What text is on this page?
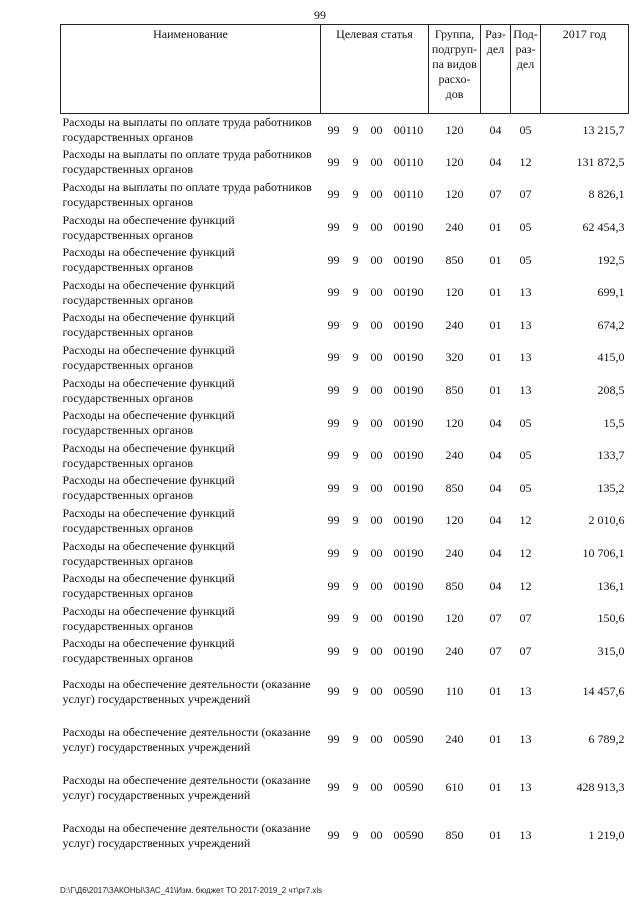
99
Наименование	Целевая статья	Группа, подгруп-па видов расхо-дов	Раз-дел	Под-раз-дел	2017 год
Расходы на выплаты по оплате труда работников государственных органов	99 9 00 00110	120	04	05	13 215,7
Расходы на выплаты по оплате труда работников государственных органов	99 9 00 00110	120	04	12	131 872,5
Расходы на выплаты по оплате труда работников государственных органов	99 9 00 00110	120	07	07	8 826,1
Расходы на обеспечение функций государственных органов	99 9 00 00190	240	01	05	62 454,3
Расходы на обеспечение функций государственных органов	99 9 00 00190	850	01	05	192,5
Расходы на обеспечение функций государственных органов	99 9 00 00190	120	01	13	699,1
Расходы на обеспечение функций государственных органов	99 9 00 00190	240	01	13	674,2
Расходы на обеспечение функций государственных органов	99 9 00 00190	320	01	13	415,0
Расходы на обеспечение функций государственных органов	99 9 00 00190	850	01	13	208,5
Расходы на обеспечение функций государственных органов	99 9 00 00190	120	04	05	15,5
Расходы на обеспечение функций государственных органов	99 9 00 00190	240	04	05	133,7
Расходы на обеспечение функций государственных органов	99 9 00 00190	850	04	05	135,2
Расходы на обеспечение функций государственных органов	99 9 00 00190	120	04	12	2 010,6
Расходы на обеспечение функций государственных органов	99 9 00 00190	240	04	12	10 706,1
Расходы на обеспечение функций государственных органов	99 9 00 00190	850	04	12	136,1
Расходы на обеспечение функций государственных органов	99 9 00 00190	120	07	07	150,6
Расходы на обеспечение функций государственных органов	99 9 00 00190	240	07	07	315,0
Расходы на обеспечение деятельности (оказание услуг) государственных учреждений	99 9 00 00590	110	01	13	14 457,6
Расходы на обеспечение деятельности (оказание услуг) государственных учреждений	99 9 00 00590	240	01	13	6 789,2
Расходы на обеспечение деятельности (оказание услуг) государственных учреждений	99 9 00 00590	610	01	13	428 913,3
Расходы на обеспечение деятельности (оказание услуг) государственных учреждений	99 9 00 00590	850	01	13	1 219,0
D:\Г\Д6\2017\ЗАКОНЫ\ЗАС_41\Изм. бюджет ТО 2017-2019_2 чт\pr7.xls
